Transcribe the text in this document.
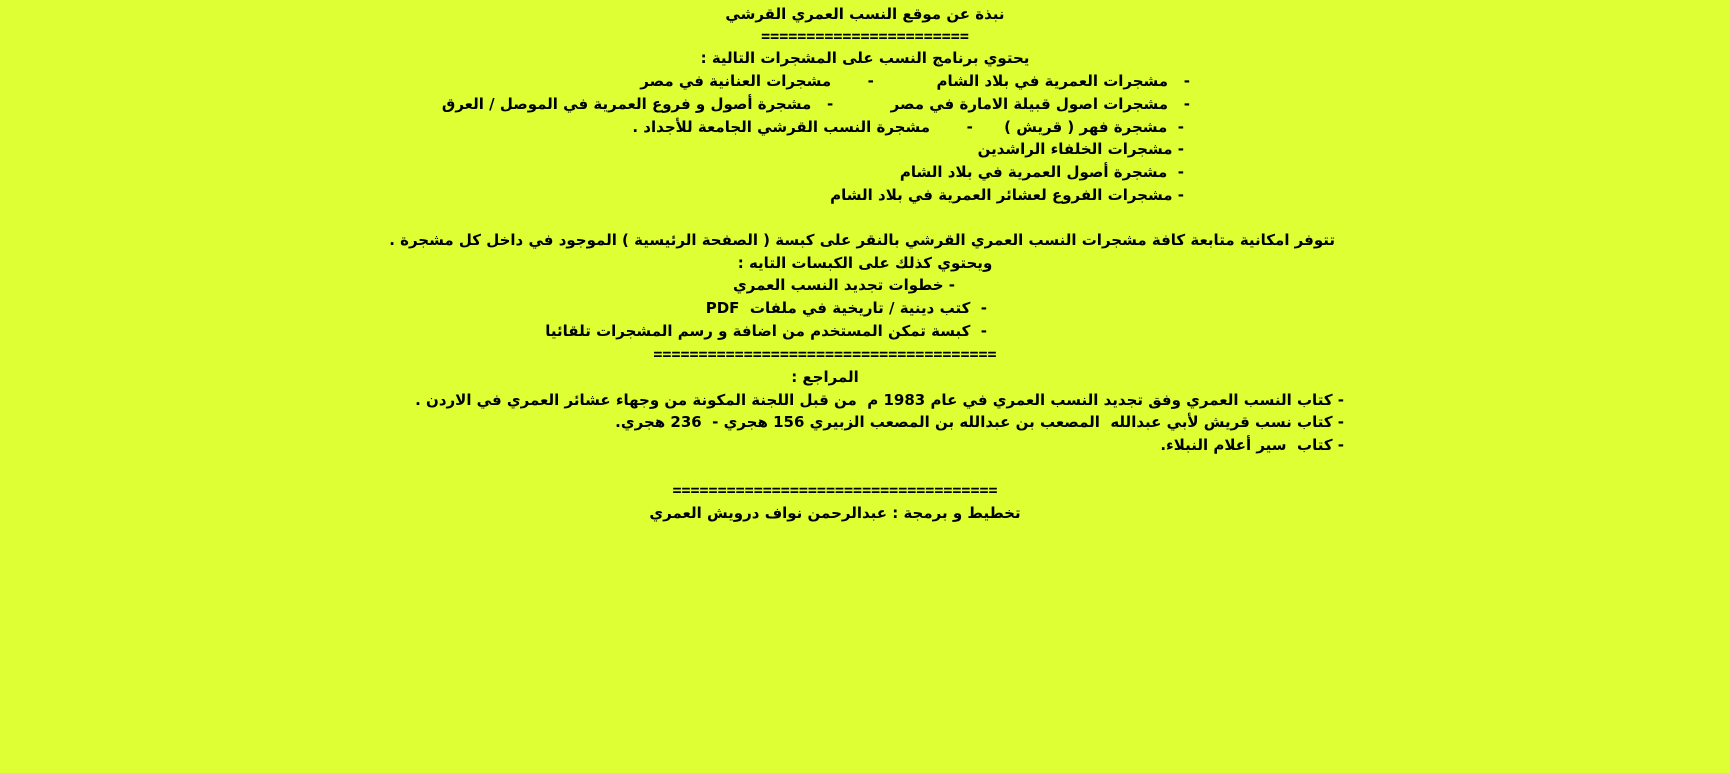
نبذة عن موقع النسب العمري القرشي
=======================
يحتوي برنامج النسب على المشجرات التالية :
-   مشجرات العمرية في بلاد الشام            -       مشجرات العنانية في مصر
-   مشجرات اصول قبيلة الامارة في مصر           -   مشجرة أصول و فروع العمرية في الموصل / العرق
-  مشجرة فهر ( قريش )      -       مشجرة النسب القرشي الجامعة للأجداد .
- مشجرات الخلفاء الراشدين
-  مشجرة أصول العمرية في بلاد الشام
- مشجرات الفروع لعشائر العمرية في بلاد الشام
تتوفر امكانية متابعة كافة مشجرات النسب العمري القرشي بالنقر على كبسة ( الصفحة الرئيسية ) الموجود في داخل كل مشجرة .
ويحتوي كذلك على الكبسات التايه :
- خطوات تجديد النسب العمري
-  كتب دينية / تاريخية في ملفات  PDF
-  كبسة تمكن المستخدم من اضافة و رسم المشجرات تلقائيا
======================================
المراجع :
- كتاب النسب العمري وفق تجديد النسب العمري في عام 1983 م  من قبل اللجنة المكونة من وجهاء عشائر العمري في الاردن .
- كتاب نسب قريش لأبي عبدالله  المصعب بن عبدالله بن المصعب الزبيري 156 هجري -  236 هجري.
- كتاب  سير أعلام النبلاء.
====================================
تخطيط و برمجة : عبدالرحمن نواف درويش العمري
